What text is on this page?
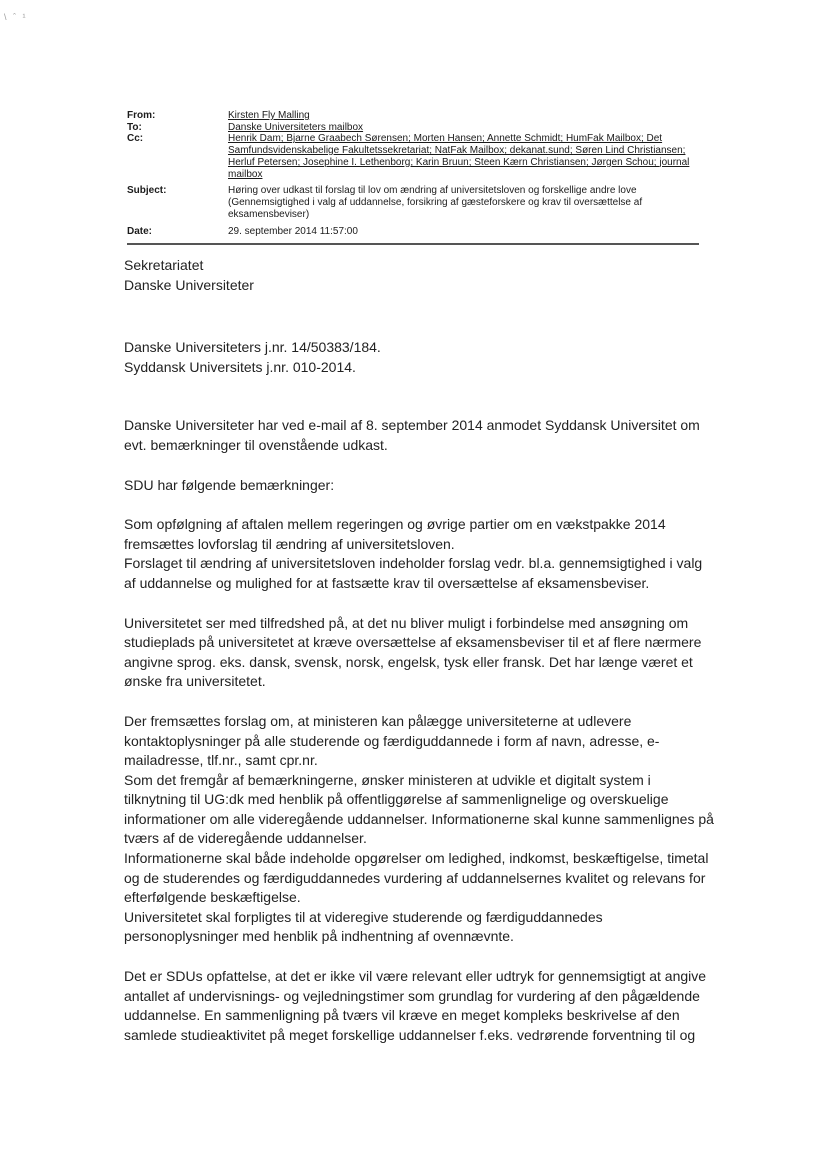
\ ˆ ¹
From:	Kirsten Fly Malling
To:	Danske Universiteters mailbox
Cc:	Henrik Dam; Bjarne Graabech Sørensen; Morten Hansen; Annette Schmidt; HumFak Mailbox; Det Samfundsvidenskabelige Fakultetssekretariat; NatFak Mailbox; dekanat.sund; Søren Lind Christiansen; Herluf Petersen; Josephine I. Lethenborg; Karin Bruun; Steen Kærn Christiansen; Jørgen Schou; journal mailbox
Subject:	Høring over udkast til forslag til lov om ændring af universitetsloven og forskellige andre love (Gennemsigtighed i valg af uddannelse, forsikring af gæsteforskere og krav til oversættelse af eksamensbeviser)
Date:	29. september 2014 11:57:00

Sekretariatet

Danske Universiteter

Danske Universiteters j.nr. 14/50383/184.

Syddansk Universitets j.nr. 010-2014.

Danske Universiteter har ved e-mail af 8. september 2014 anmodet Syddansk Universitet om evt. bemærkninger til ovenstående udkast.

SDU har følgende bemærkninger:

Som opfølgning af aftalen mellem regeringen og øvrige partier om en vækstpakke 2014 fremsættes lovforslag til ændring af universitetsloven.

Forslaget til ændring af universitetsloven indeholder forslag vedr. bl.a. gennemsigtighed i valg af uddannelse og mulighed for at fastsætte krav til oversættelse af eksamensbeviser.

Universitetet ser med tilfredshed på, at det nu bliver muligt i forbindelse med ansøgning om studieplads på universitetet at kræve oversættelse af eksamensbeviser til et af flere nærmere angivne sprog. eks. dansk, svensk, norsk, engelsk, tysk eller fransk. Det har længe været et ønske fra universitetet.

Der fremsættes forslag om, at ministeren kan pålægge universiteterne at udlevere kontaktoplysninger på alle studerende og færdiguddannede i form af navn, adresse, e-mailadresse, tlf.nr., samt cpr.nr.

Som det fremgår af bemærkningerne, ønsker ministeren at udvikle et digitalt system i tilknytning til UG:dk med henblik på offentliggørelse af sammenlignelige og overskuelige informationer om alle videregående uddannelser. Informationerne skal kunne sammenlignes på tværs af de videregående uddannelser.

Informationerne skal både indeholde opgørelser om ledighed, indkomst, beskæftigelse, timetal og de studerendes og færdiguddannedes vurdering af uddannelsernes kvalitet og relevans for efterfølgende beskæftigelse.

Universitetet skal forpligtes til at videregive studerende og færdiguddannedes personoplysninger med henblik på indhentning af ovennævnte.

Det er SDUs opfattelse, at det er ikke vil være relevant eller udtryk for gennemsigtigt at angive antallet af undervisnings- og vejledningstimer som grundlag for vurdering af den pågældende uddannelse. En sammenligning på tværs vil kræve en meget kompleks beskrivelse af den samlede studieaktivitet på meget forskellige uddannelser f.eks. vedrørende forventning til og
